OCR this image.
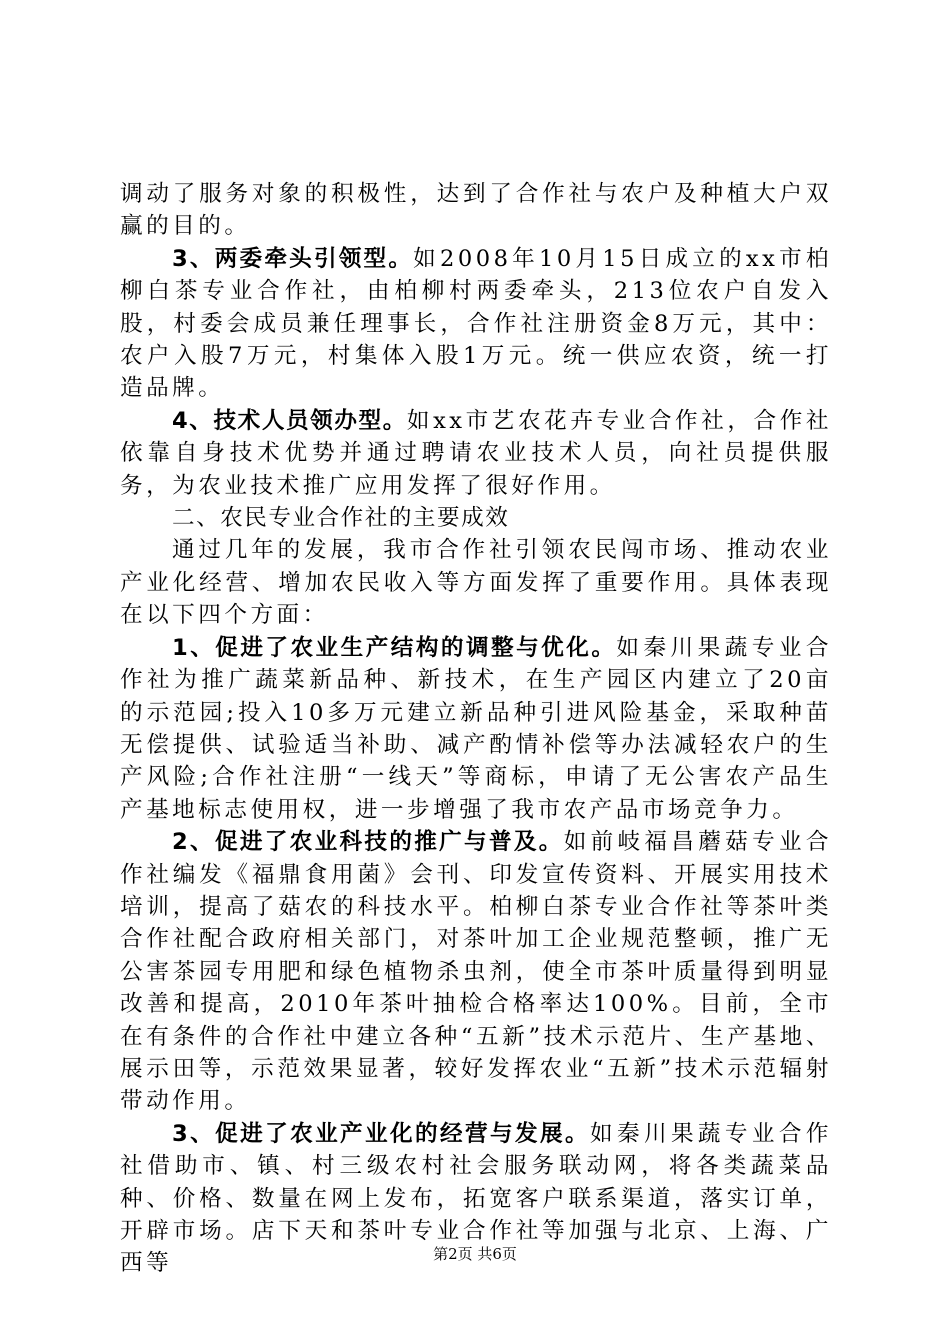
调动了服务对象的积极性，达到了合作社与农户及种植大户双赢的目的。

3、两委牵头引领型。如2008年10月15日成立的xx市柏柳白茶专业合作社，由柏柳村两委牵头，213位农户自发入股，村委会成员兼任理事长，合作社注册资金8万元，其中：农户入股7万元，村集体入股1万元。统一供应农资，统一打造品牌。

4、技术人员领办型。如xx市艺农花卉专业合作社，合作社依靠自身技术优势并通过聘请农业技术人员，向社员提供服务，为农业技术推广应用发挥了很好作用。

二、农民专业合作社的主要成效

通过几年的发展，我市合作社引领农民闯市场、推动农业产业化经营、增加农民收入等方面发挥了重要作用。具体表现在以下四个方面：

1、促进了农业生产结构的调整与优化。如秦川果蔬专业合作社为推广蔬菜新品种、新技术，在生产园区内建立了20亩的示范园;投入10多万元建立新品种引进风险基金，采取种苗无偿提供、试验适当补助、减产酌情补偿等办法减轻农户的生产风险;合作社注册“一线天”等商标，申请了无公害农产品生产基地标志使用权，进一步增强了我市农产品市场竞争力。

2、促进了农业科技的推广与普及。如前岐福昌蘑菇专业合作社编发《福鼎食用菌》会刊、印发宣传资料、开展实用技术培训，提高了菇农的科技水平。柏柳白茶专业合作社等茶叶类合作社配合政府相关部门，对茶叶加工企业规范整顿，推广无公害茶园专用肥和绿色植物杀虫剂，使全市茶叶质量得到明显改善和提高，2010年茶叶抽检合格率达100%。目前，全市在有条件的合作社中建立各种“五新”技术示范片、生产基地、展示田等，示范效果显著，较好发挥农业“五新”技术示范辐射带动作用。

3、促进了农业产业化的经营与发展。如秦川果蔬专业合作社借助市、镇、村三级农村社会服务联动网，将各类蔬菜品种、价格、数量在网上发布，拓宽客户联系渠道，落实订单，开辟市场。店下天和茶叶专业合作社等加强与北京、上海、广西等	第2页 共6页
